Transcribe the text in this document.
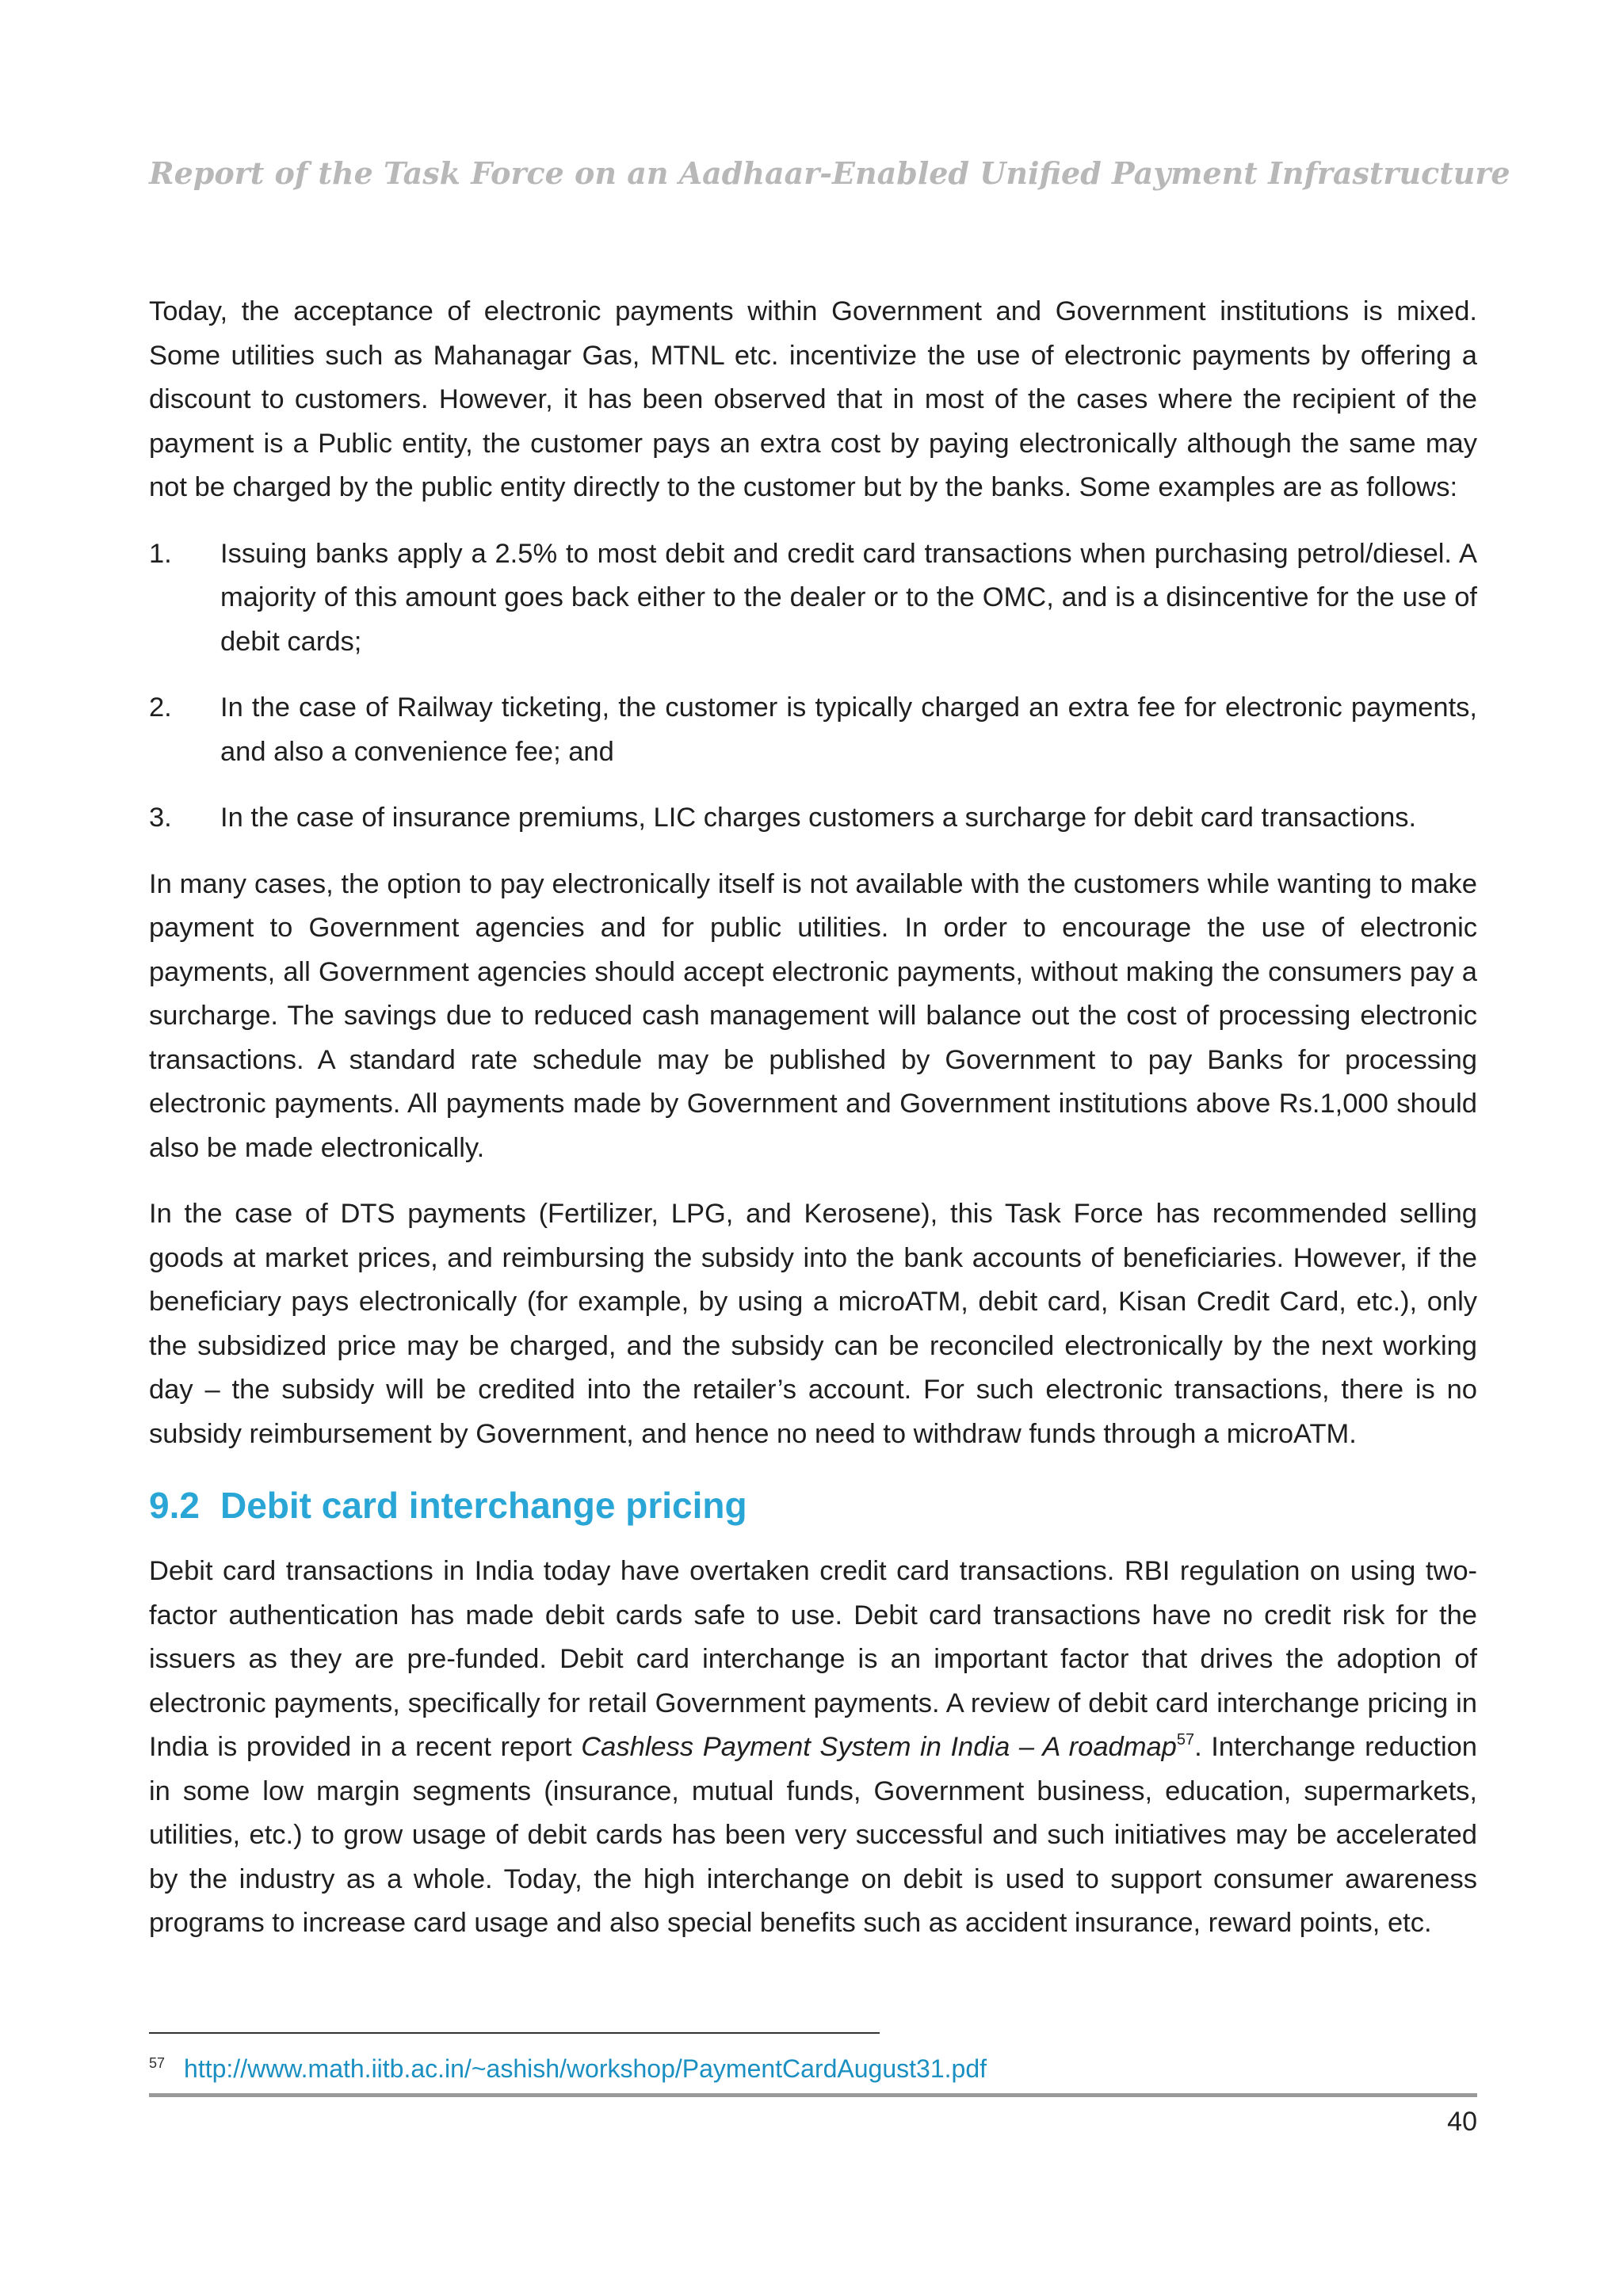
Report of the Task Force on an Aadhaar-Enabled Unified Payment Infrastructure

Today, the acceptance of electronic payments within Government and Government institutions is mixed. Some utilities such as Mahanagar Gas, MTNL etc. incentivize the use of electronic payments by offering a discount to customers. However, it has been observed that in most of the cases where the recipient of the payment is a Public entity, the customer pays an extra cost by paying electronically although the same may not be charged by the public entity directly to the customer but by the banks. Some examples are as follows:

1.	Issuing banks apply a 2.5% to most debit and credit card transactions when purchasing petrol/diesel. A majority of this amount goes back either to the dealer or to the OMC, and is a disincentive for the use of debit cards;
2.	In the case of Railway ticketing, the customer is typically charged an extra fee for electronic payments, and also a convenience fee; and
3.	In the case of insurance premiums, LIC charges customers a surcharge for debit card transactions.

In many cases, the option to pay electronically itself is not available with the customers while wanting to make payment to Government agencies and for public utilities. In order to encourage the use of electronic payments, all Government agencies should accept electronic payments, without making the consumers pay a surcharge. The savings due to reduced cash management will balance out the cost of processing electronic transactions. A standard rate schedule may be published by Government to pay Banks for processing electronic payments. All payments made by Government and Government institutions above Rs.1,000 should also be made electronically.

In the case of DTS payments (Fertilizer, LPG, and Kerosene), this Task Force has recommended selling goods at market prices, and reimbursing the subsidy into the bank accounts of beneficiaries. However, if the beneficiary pays electronically (for example, by using a microATM, debit card, Kisan Credit Card, etc.), only the subsidized price may be charged, and the subsidy can be reconciled electronically by the next working day – the subsidy will be credited into the retailer’s account. For such electronic transactions, there is no subsidy reimbursement by Government, and hence no need to withdraw funds through a microATM.

9.2 Debit card interchange pricing

Debit card transactions in India today have overtaken credit card transactions. RBI regulation on using two-factor authentication has made debit cards safe to use. Debit card transactions have no credit risk for the issuers as they are pre-funded. Debit card interchange is an important factor that drives the adoption of electronic payments, specifically for retail Government payments. A review of debit card interchange pricing in India is provided in a recent report Cashless Payment System in India – A roadmap$^{57}$. Interchange reduction in some low margin segments (insurance, mutual funds, Government business, education, supermarkets, utilities, etc.) to grow usage of debit cards has been very successful and such initiatives may be accelerated by the industry as a whole. Today, the high interchange on debit is used to support consumer awareness programs to increase card usage and also special benefits such as accident insurance, reward points, etc.

$^{57}$ http://www.math.iitb.ac.in/~ashish/workshop/PaymentCardAugust31.pdf
40
